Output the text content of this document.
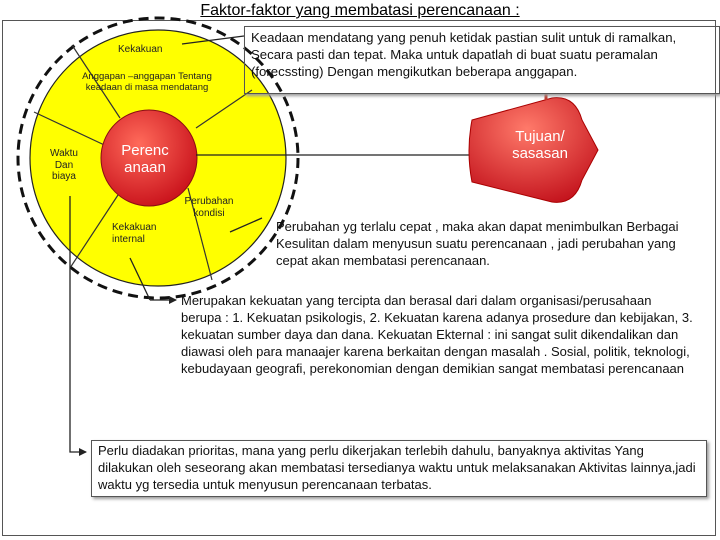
Faktor-faktor yang membatasi perencanaan :
Kekakuan
Anggapan –anggapan Tentang keadaan di masa mendatang
Waktu Dan biaya
Kekakuan internal
Perubahan kondisi
Perenc
anaan
Tujuan/ sasasan
Keadaan mendatang yang penuh ketidak pastian sulit untuk di ramalkan, Secara pasti dan tepat. Maka untuk dapatlah di buat suatu peramalan (forecssting) Dengan mengikutkan beberapa anggapan.
Perubahan yg terlalu cepat , maka akan dapat menimbulkan Berbagai Kesulitan dalam menyusun suatu perencanaan , jadi perubahan yang cepat akan membatasi perencanaan.
Merupakan kekuatan yang tercipta dan berasal dari dalam organisasi/perusahaan berupa : 1. Kekuatan psikologis, 2. Kekuatan karena adanya prosedure dan kebijakan, 3. kekuatan sumber daya dan dana. Kekuatan Ekternal : ini sangat sulit dikendalikan dan diawasi oleh para manaajer karena berkaitan dengan masalah . Sosial, politik, teknologi, kebudayaan geografi, perekonomian dengan demikian sangat membatasi perencanaan
Perlu diadakan prioritas, mana yang perlu dikerjakan terlebih dahulu, banyaknya aktivitas Yang dilakukan oleh seseorang akan membatasi tersedianya waktu untuk melaksanakan Aktivitas lainnya,jadi waktu yg tersedia untuk menyusun perencanaan terbatas.
